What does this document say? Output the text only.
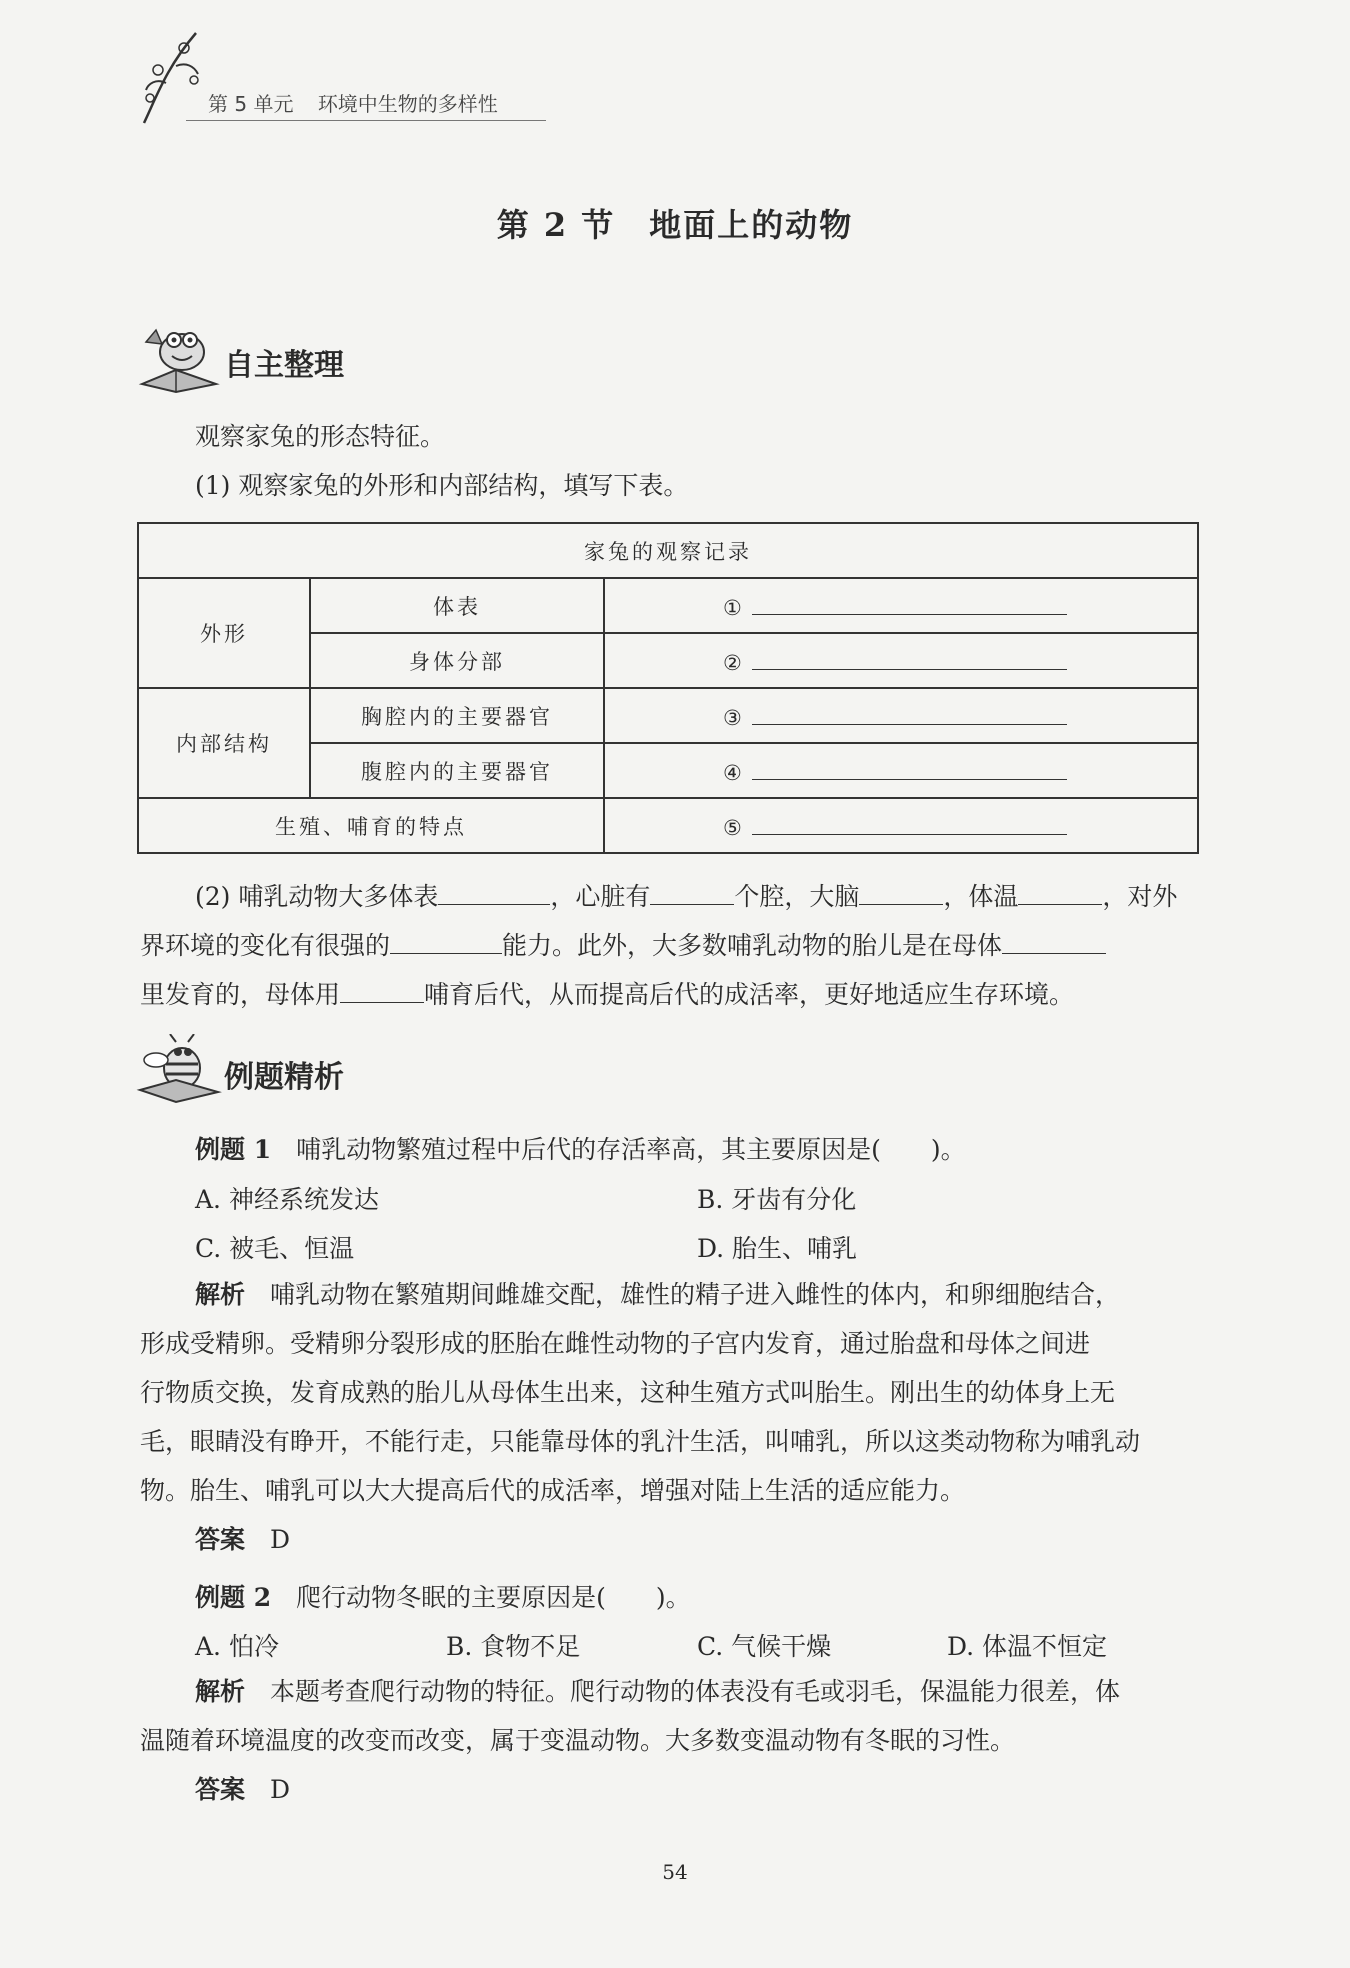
第 5 单元 环境中生物的多样性
第 2 节　地面上的动物
自主整理
观察家兔的形态特征。
(1) 观察家兔的外形和内部结构，填写下表。
家兔的观察记录		
外形	体表	①
	身体分部	②
内部结构	胸腔内的主要器官	③
	腹腔内的主要器官	④
生殖、哺育的特点		⑤
(2) 哺乳动物大多体表	，心脏有	个腔，大脑	，体温	，对外
界环境的变化有很强的	能力。此外，大多数哺乳动物的胎儿是在母体
里发育的，母体用	哺育后代，从而提高后代的成活率，更好地适应生存环境。
例题精析
例题 1　 哺乳动物繁殖过程中后代的存活率高，其主要原因是(　　)。
A. 神经系统发达	B. 牙齿有分化
C. 被毛、恒温	D. 胎生、哺乳
解析　 哺乳动物在繁殖期间雌雄交配，雄性的精子进入雌性的体内，和卵细胞结合，
形成受精卵。受精卵分裂形成的胚胎在雌性动物的子宫内发育，通过胎盘和母体之间进
行物质交换，发育成熟的胎儿从母体生出来，这种生殖方式叫胎生。刚出生的幼体身上无
毛，眼睛没有睁开，不能行走，只能靠母体的乳汁生活，叫哺乳，所以这类动物称为哺乳动
物。胎生、哺乳可以大大提高后代的成活率，增强对陆上生活的适应能力。
答案　 D
例题 2　 爬行动物冬眠的主要原因是(　　)。
A. 怕冷	B. 食物不足	C. 气候干燥	D. 体温不恒定
解析　 本题考查爬行动物的特征。爬行动物的体表没有毛或羽毛，保温能力很差，体
温随着环境温度的改变而改变，属于变温动物。大多数变温动物有冬眠的习性。
答案　 D
54
